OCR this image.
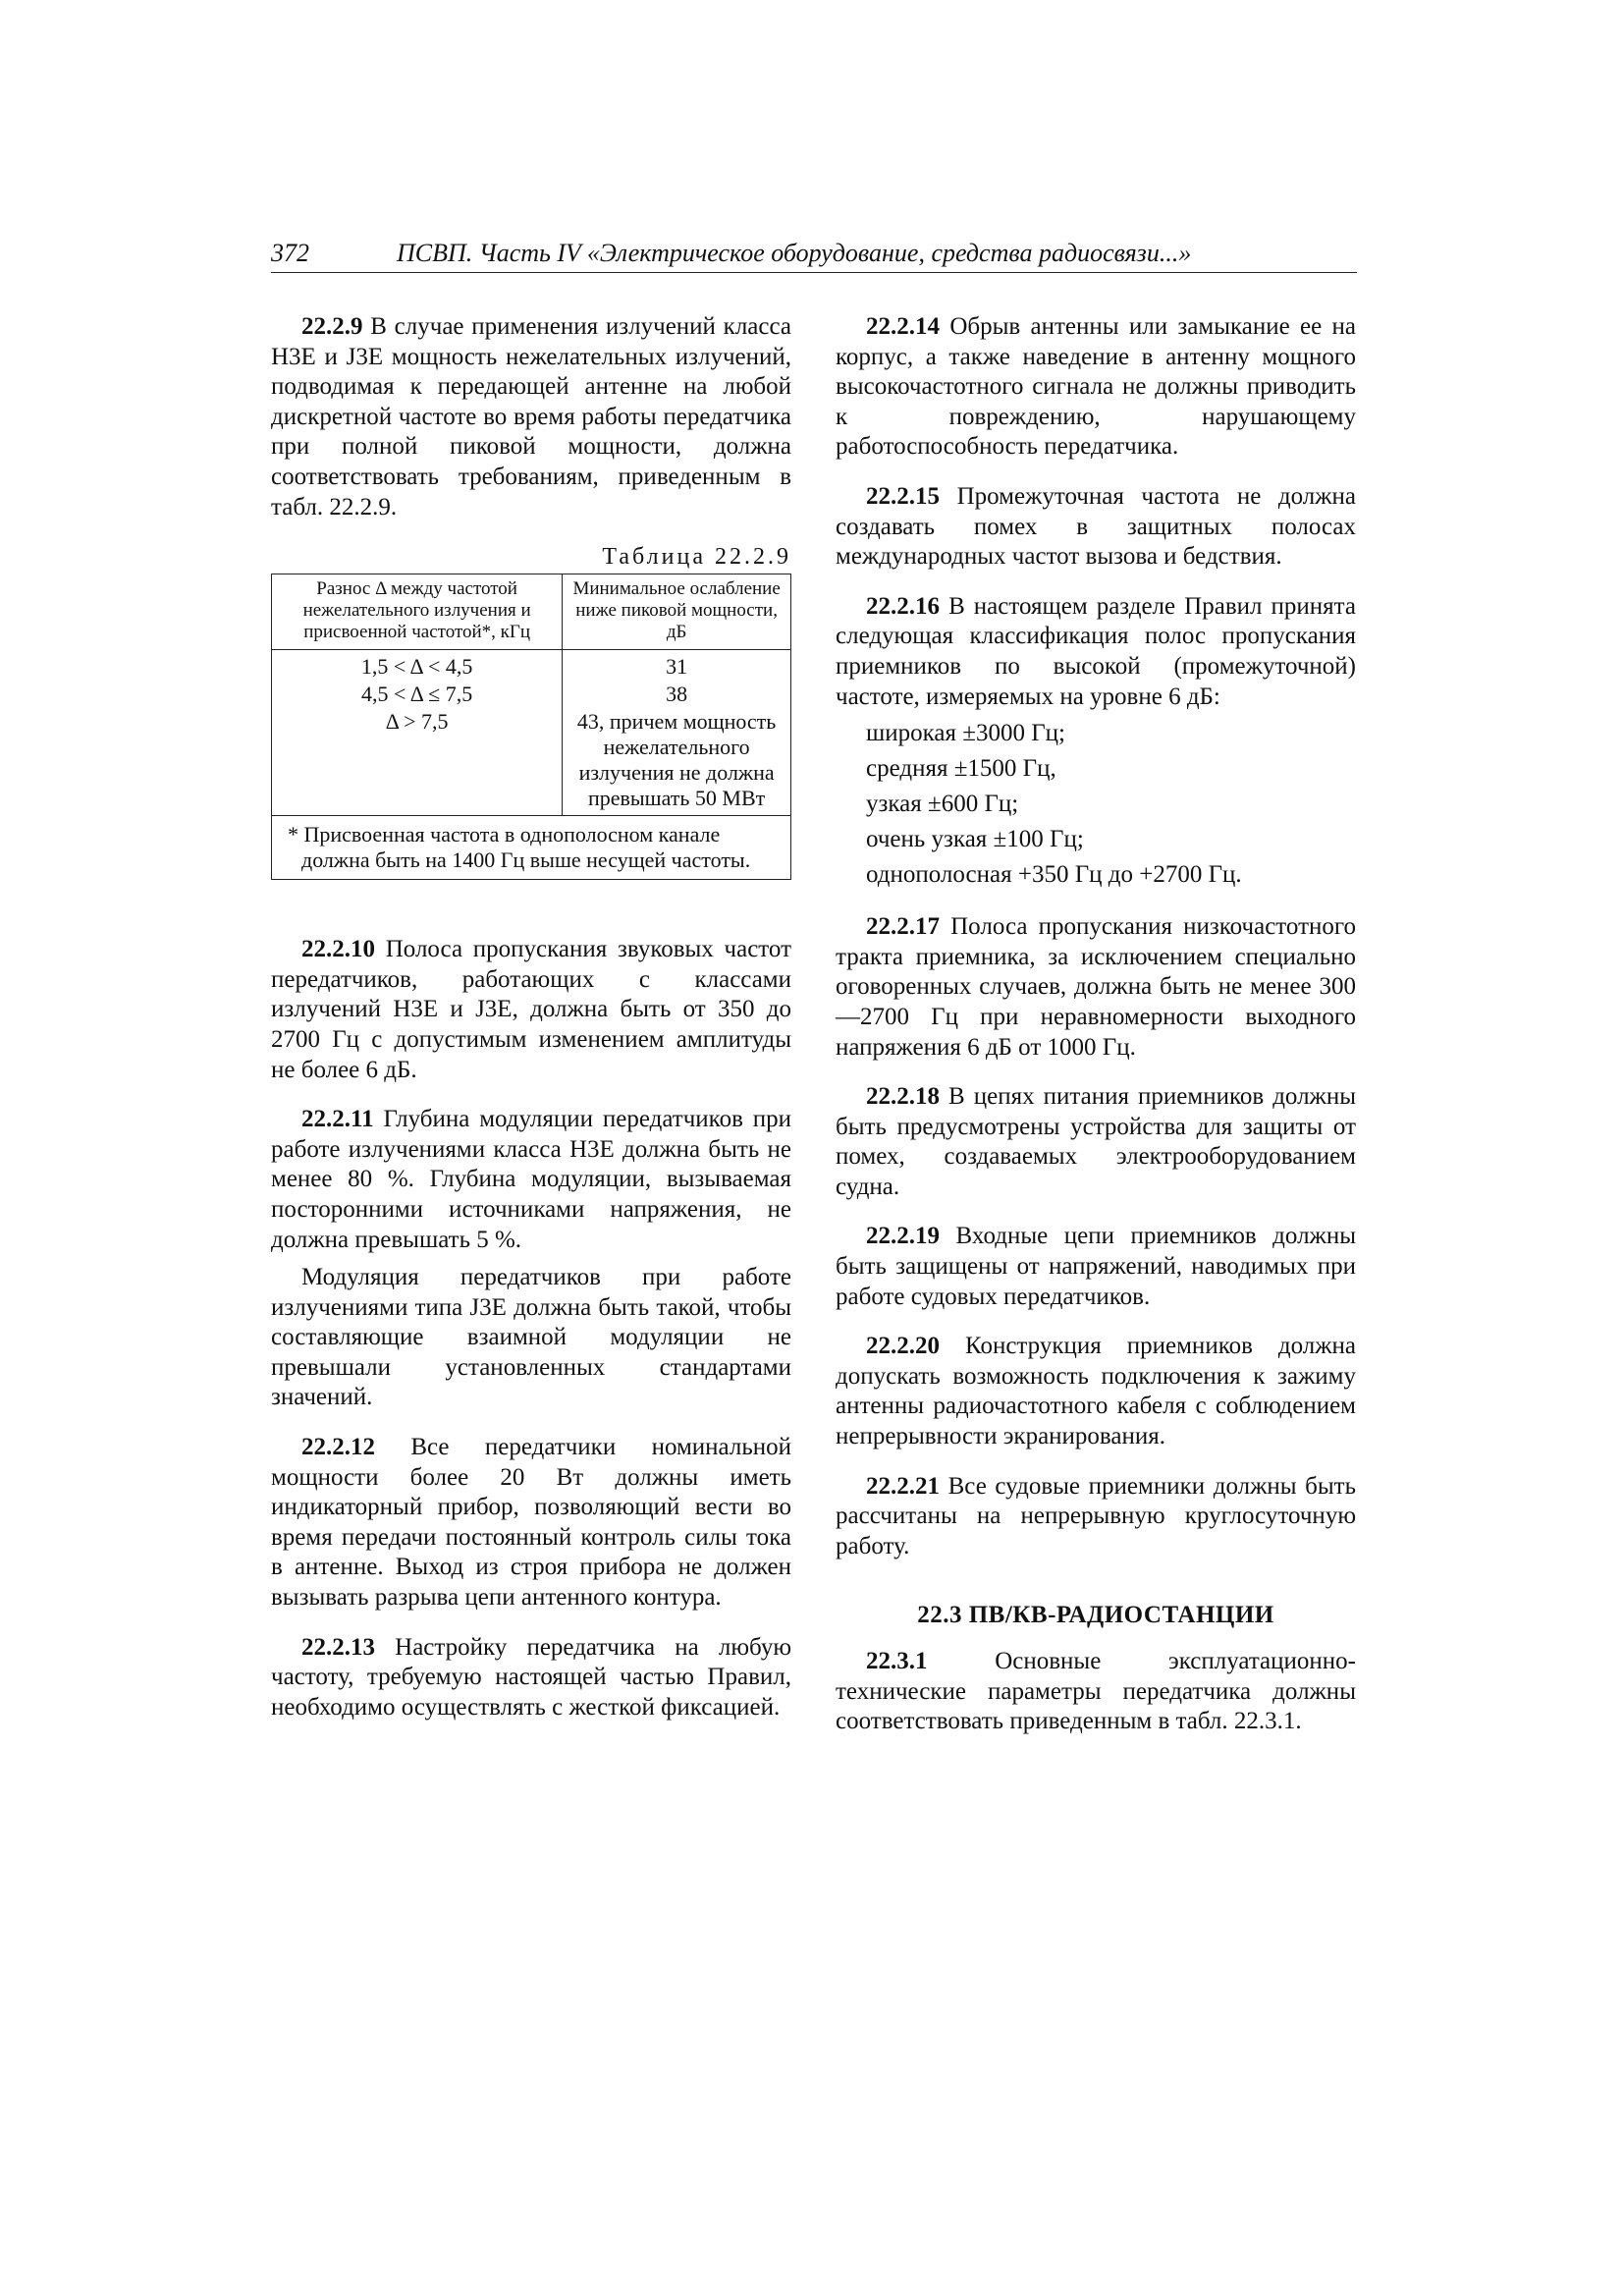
372	ПСВП. Часть IV «Электрическое оборудование, средства радиосвязи...»

22.2.9 В случае применения излучений класса H3E и J3E мощность нежелательных излучений, подводимая к передающей антенне на любой дискретной частоте во время работы передатчика при полной пиковой мощности, должна соответствовать требованиям, приведенным в табл. 22.2.9.

Таблица 22.2.9
Разнос Δ между частотой нежелательного излучения и присвоенной частотой*, кГц	Минимальное ослабление ниже пиковой мощности, дБ
1,5 < Δ < 4,5	31
4,5 < Δ ≤ 7,5	38
Δ > 7,5	43, причем мощность нежелательного излучения не должна превышать 50 МВт

* Присвоенная частота в однополосном канале должна быть на 1400 Гц выше несущей частоты.	

22.2.10 Полоса пропускания звуковых частот передатчиков, работающих с классами излучений H3E и J3E, должна быть от 350 до 2700 Гц с допустимым изменением амплитуды не более 6 дБ.

22.2.11 Глубина модуляции передатчиков при работе излучениями класса H3E должна быть не менее 80 %. Глубина модуляции, вызываемая посторонними источниками напряжения, не должна превышать 5 %.

Модуляция передатчиков при работе излучениями типа J3E должна быть такой, чтобы составляющие взаимной модуляции не превышали установленных стандартами значений.

22.2.12 Все передатчики номинальной мощности более 20 Вт должны иметь индикаторный прибор, позволяющий вести во время передачи постоянный контроль силы тока в антенне. Выход из строя прибора не должен вызывать разрыва цепи антенного контура.

22.2.13 Настройку передатчика на любую частоту, требуемую настоящей частью Правил, необходимо осуществлять с жесткой фиксацией.

22.2.14 Обрыв антенны или замыкание ее на корпус, а также наведение в антенну мощного высокочастотного сигнала не должны приводить к повреждению, нарушающему работоспособность передатчика.

22.2.15 Промежуточная частота не должна создавать помех в защитных полосах международных частот вызова и бедствия.

22.2.16 В настоящем разделе Правил принята следующая классификация полос пропускания приемников по высокой (промежуточной) частоте, измеряемых на уровне 6 дБ:

широкая ±3000 Гц;
средняя ±1500 Гц,
узкая ±600 Гц;
очень узкая ±100 Гц;
однополосная +350 Гц до +2700 Гц.

22.2.17 Полоса пропускания низкочастотного тракта приемника, за исключением специально оговоренных случаев, должна быть не менее 300—2700 Гц при неравномерности выходного напряжения 6 дБ от 1000 Гц.

22.2.18 В цепях питания приемников должны быть предусмотрены устройства для защиты от помех, создаваемых электрооборудованием судна.

22.2.19 Входные цепи приемников должны быть защищены от напряжений, наводимых при работе судовых передатчиков.

22.2.20 Конструкция приемников должна допускать возможность подключения к зажиму антенны радиочастотного кабеля с соблюдением непрерывности экранирования.

22.2.21 Все судовые приемники должны быть рассчитаны на непрерывную круглосуточную работу.

22.3 ПВ/КВ-РАДИОСТАНЦИИ

22.3.1	Основные эксплуатационно-технические параметры передатчика должны соответствовать приведенным в табл. 22.3.1.
